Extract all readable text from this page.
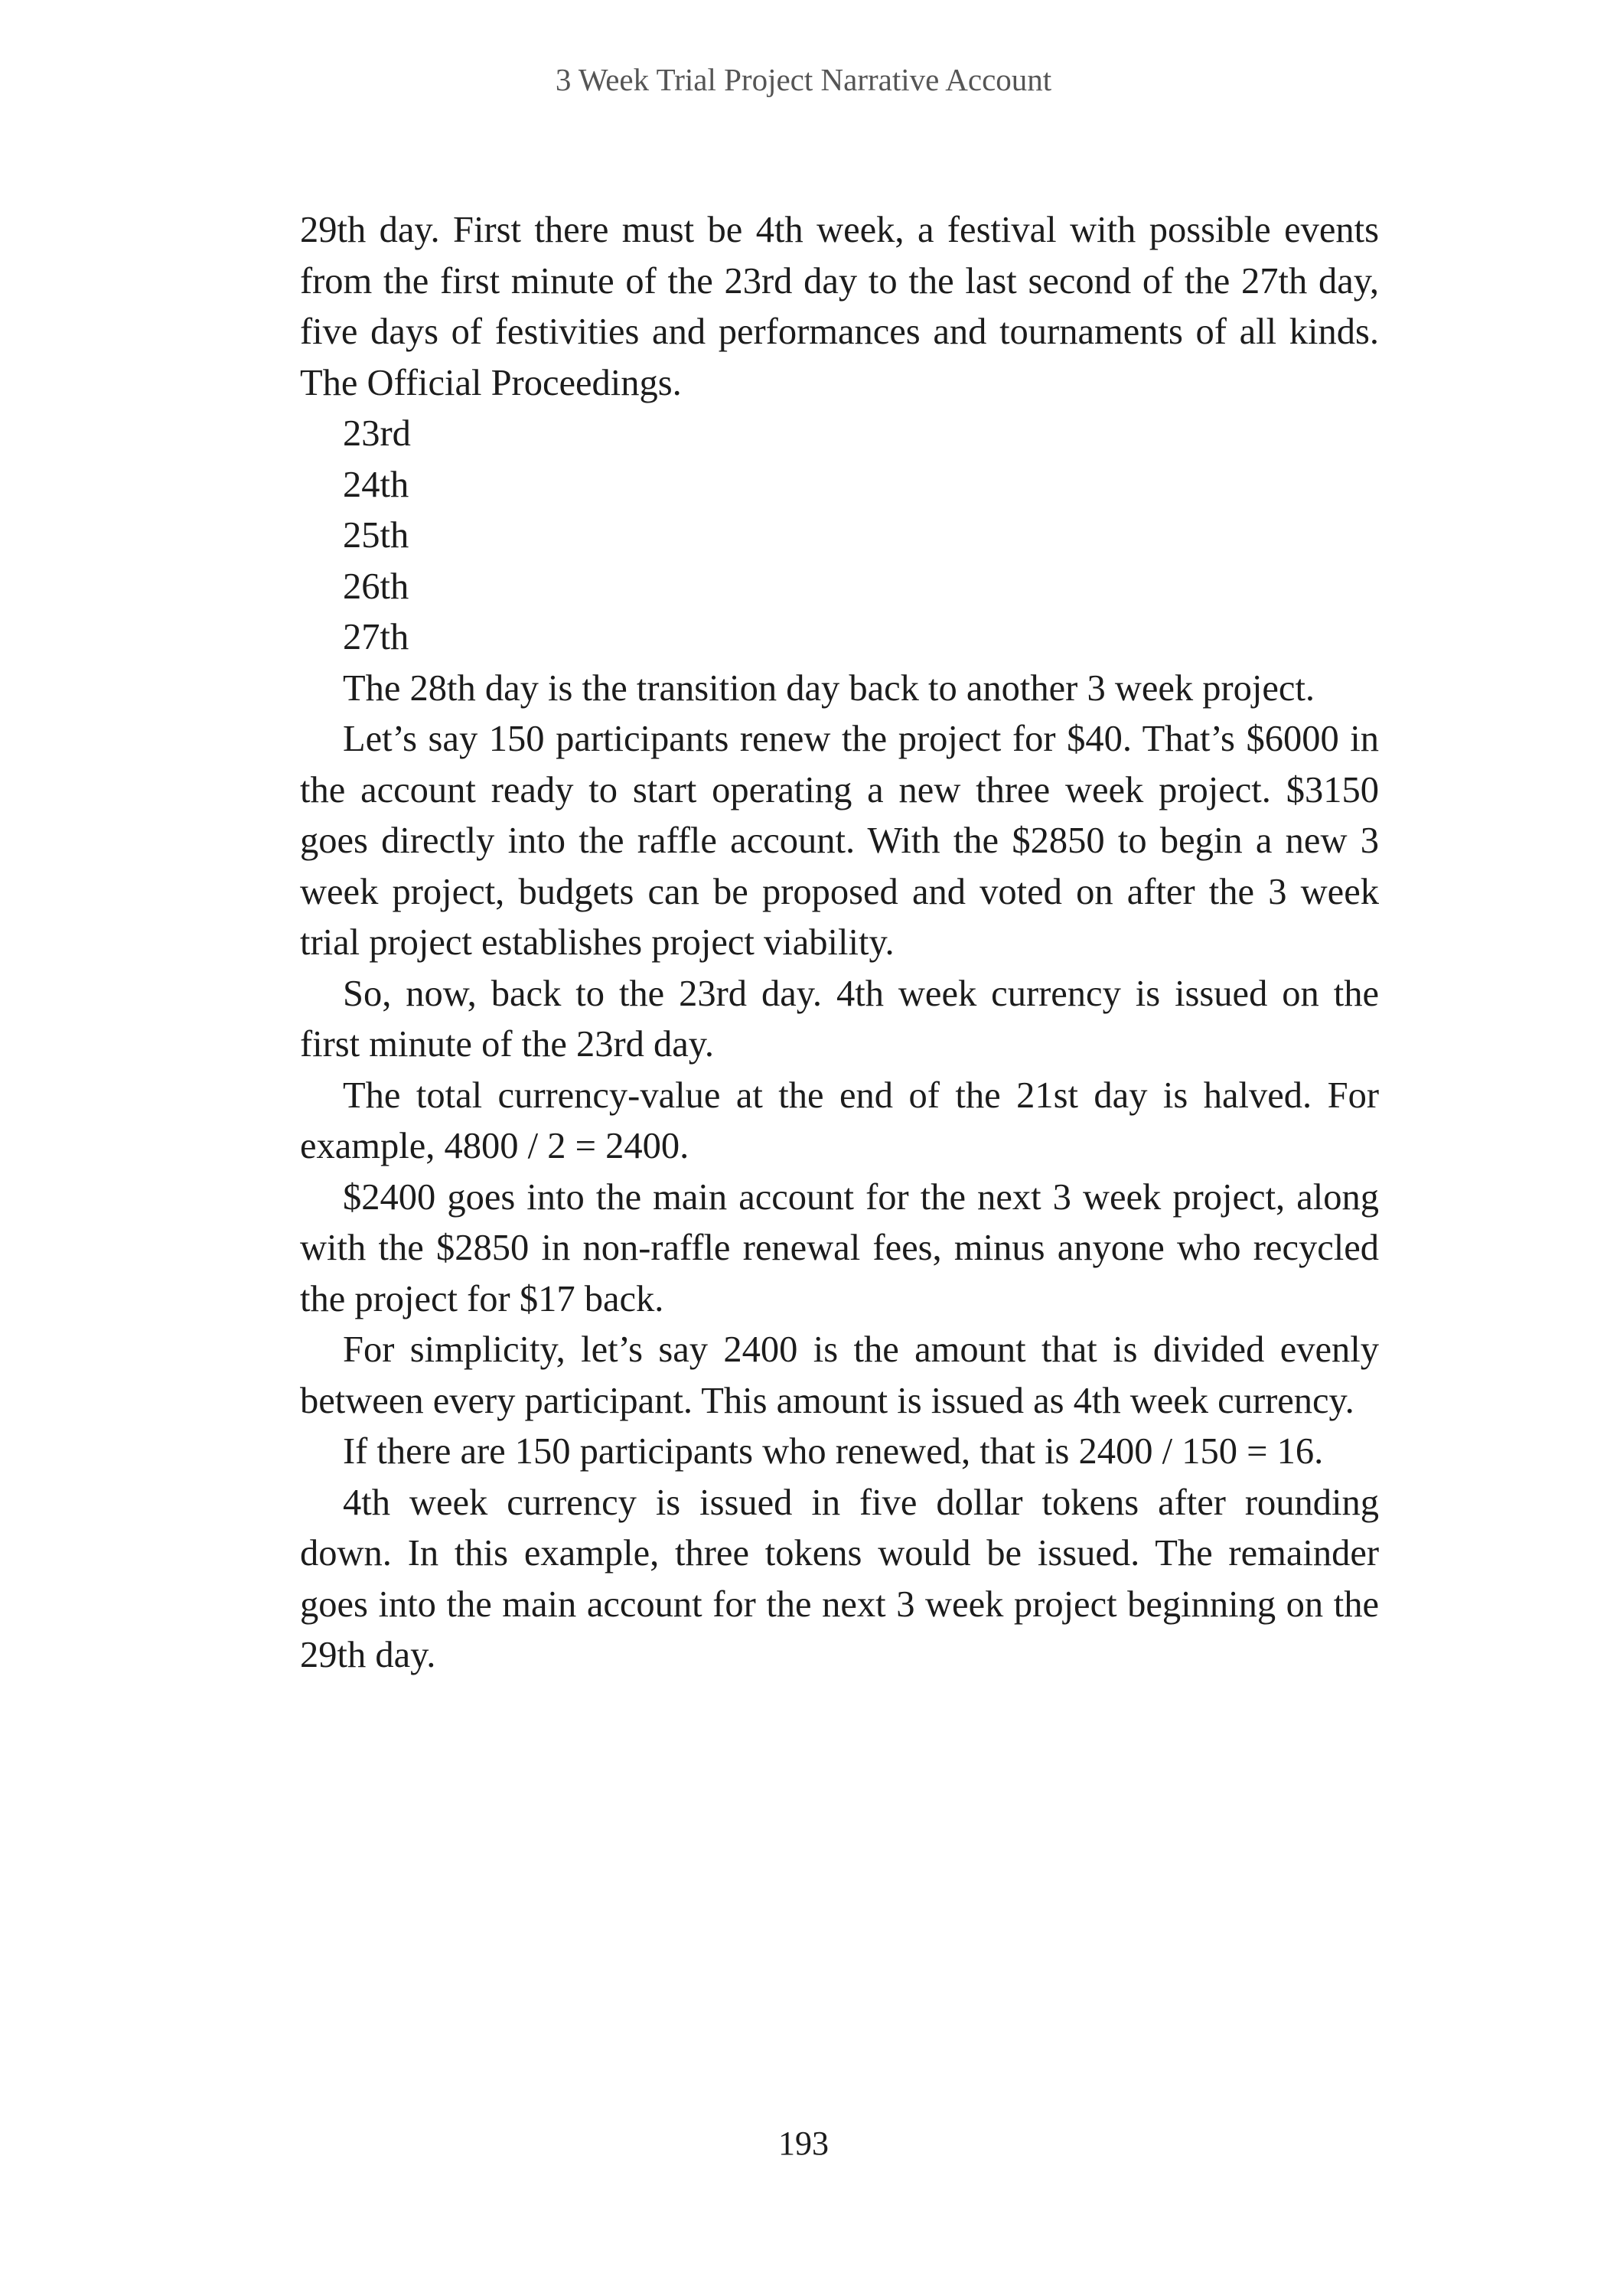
3 Week Trial Project Narrative Account

29th day. First there must be 4th week, a festival with possible events from the first minute of the 23rd day to the last second of the 27th day, five days of festivities and performances and tournaments of all kinds. The Official Proceedings.

23rd

24th

25th

26th

27th

The 28th day is the transition day back to another 3 week project.

Let’s say 150 participants renew the project for $40. That’s $6000 in the account ready to start operating a new three week project. $3150 goes directly into the raffle account. With the $2850 to begin a new 3 week project, budgets can be proposed and voted on after the 3 week trial project establishes project viability.

So, now, back to the 23rd day. 4th week currency is issued on the first minute of the 23rd day.

The total currency-value at the end of the 21st day is halved. For example, 4800 / 2 = 2400.

$2400 goes into the main account for the next 3 week project, along with the $2850 in non-raffle renewal fees, minus anyone who recycled the project for $17 back.

For simplicity, let’s say 2400 is the amount that is divided evenly between every participant. This amount is issued as 4th week currency.

If there are 150 participants who renewed, that is 2400 / 150 = 16.

4th week currency is issued in five dollar tokens after rounding down. In this example, three tokens would be issued. The remainder goes into the main account for the next 3 week project beginning on the 29th day.

193
